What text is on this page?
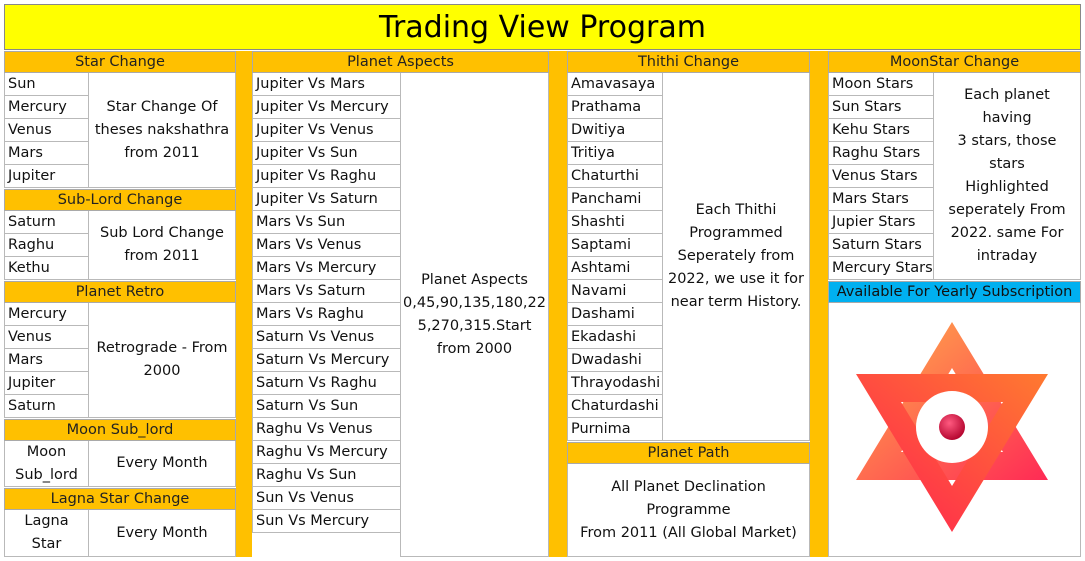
Trading View Program
Star Change
Sun
Mercury
Venus
Mars
Jupiter
Star Change Of
theses nakshathra
from 2011
Sub-Lord Change
Saturn
Raghu
Kethu
Sub Lord Change
from 2011
Planet Retro
Mercury
Venus
Mars
Jupiter
Saturn
Retrograde - From
2000
Moon Sub_lord
Moon
Sub_lord
Every Month
Lagna Star Change
Lagna Star
Every Month
Planet Aspects
Jupiter Vs Mars
Jupiter Vs Mercury
Jupiter Vs Venus
Jupiter Vs Sun
Jupiter Vs Raghu
Jupiter Vs Saturn
Mars Vs Sun
Mars Vs Venus
Mars Vs Mercury
Mars Vs Saturn
Mars Vs Raghu
Saturn Vs Venus
Saturn Vs Mercury
Saturn Vs Raghu
Saturn Vs Sun
Raghu Vs Venus
Raghu Vs Mercury
Raghu Vs Sun
Sun Vs Venus
Sun Vs Mercury
Planet Aspects
0,45,90,135,180,22
5,270,315.Start
from 2000
Thithi Change
Amavasaya
Prathama
Dwitiya
Tritiya
Chaturthi
Panchami
Shashti
Saptami
Ashtami
Navami
Dashami
Ekadashi
Dwadashi
Thrayodashi
Chaturdashi
Purnima
Each Thithi
Programmed
Seperately from
2022, we use it for
near term History.
Planet Path
All Planet Declination Programme
From 2011 (All Global Market)
MoonStar Change
Moon Stars
Sun Stars
Kehu Stars
Raghu Stars
Venus Stars
Mars Stars
Jupier Stars
Saturn Stars
Mercury Stars
Each planet having
3 stars, those stars
Highlighted
seperately From
2022. same For
intraday
Available For Yearly Subscription
